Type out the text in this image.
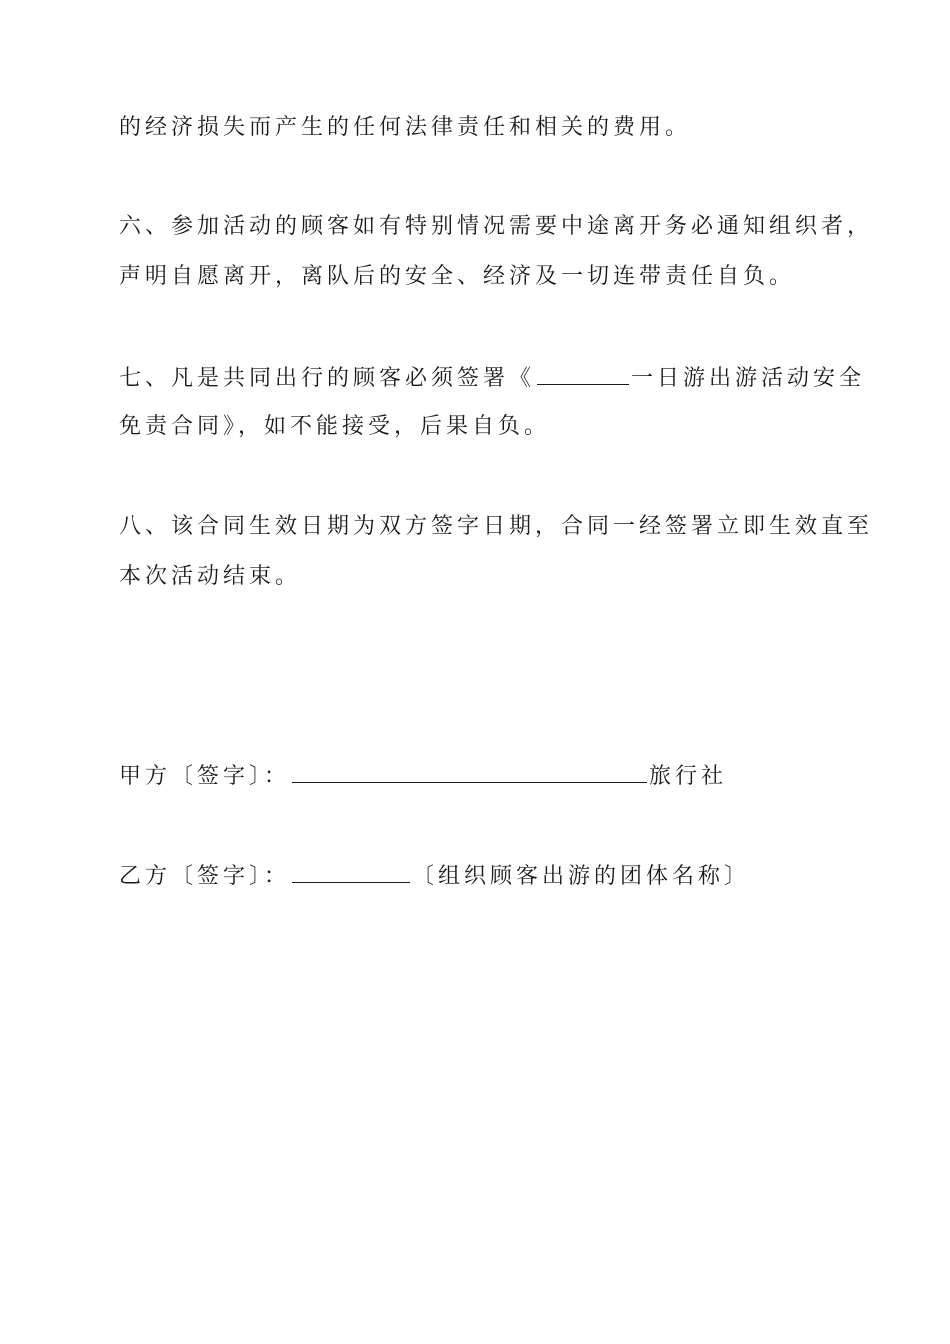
的经济损失而产生的任何法律责任和相关的费用。
六、参加活动的顾客如有特别情况需要中途离开务必通知组织者，
声明自愿离开，离队后的安全、经济及一切连带责任自负。
七、凡是共同出行的顾客必须签署《	一日游出游活动安全
免责合同》，如不能接受，后果自负。
八、该合同生效日期为双方签字日期，合同一经签署立即生效直至
本次活动结束。
甲方〔签字〕：	旅行社
乙方〔签字〕：	〔组织顾客出游的团体名称〕
